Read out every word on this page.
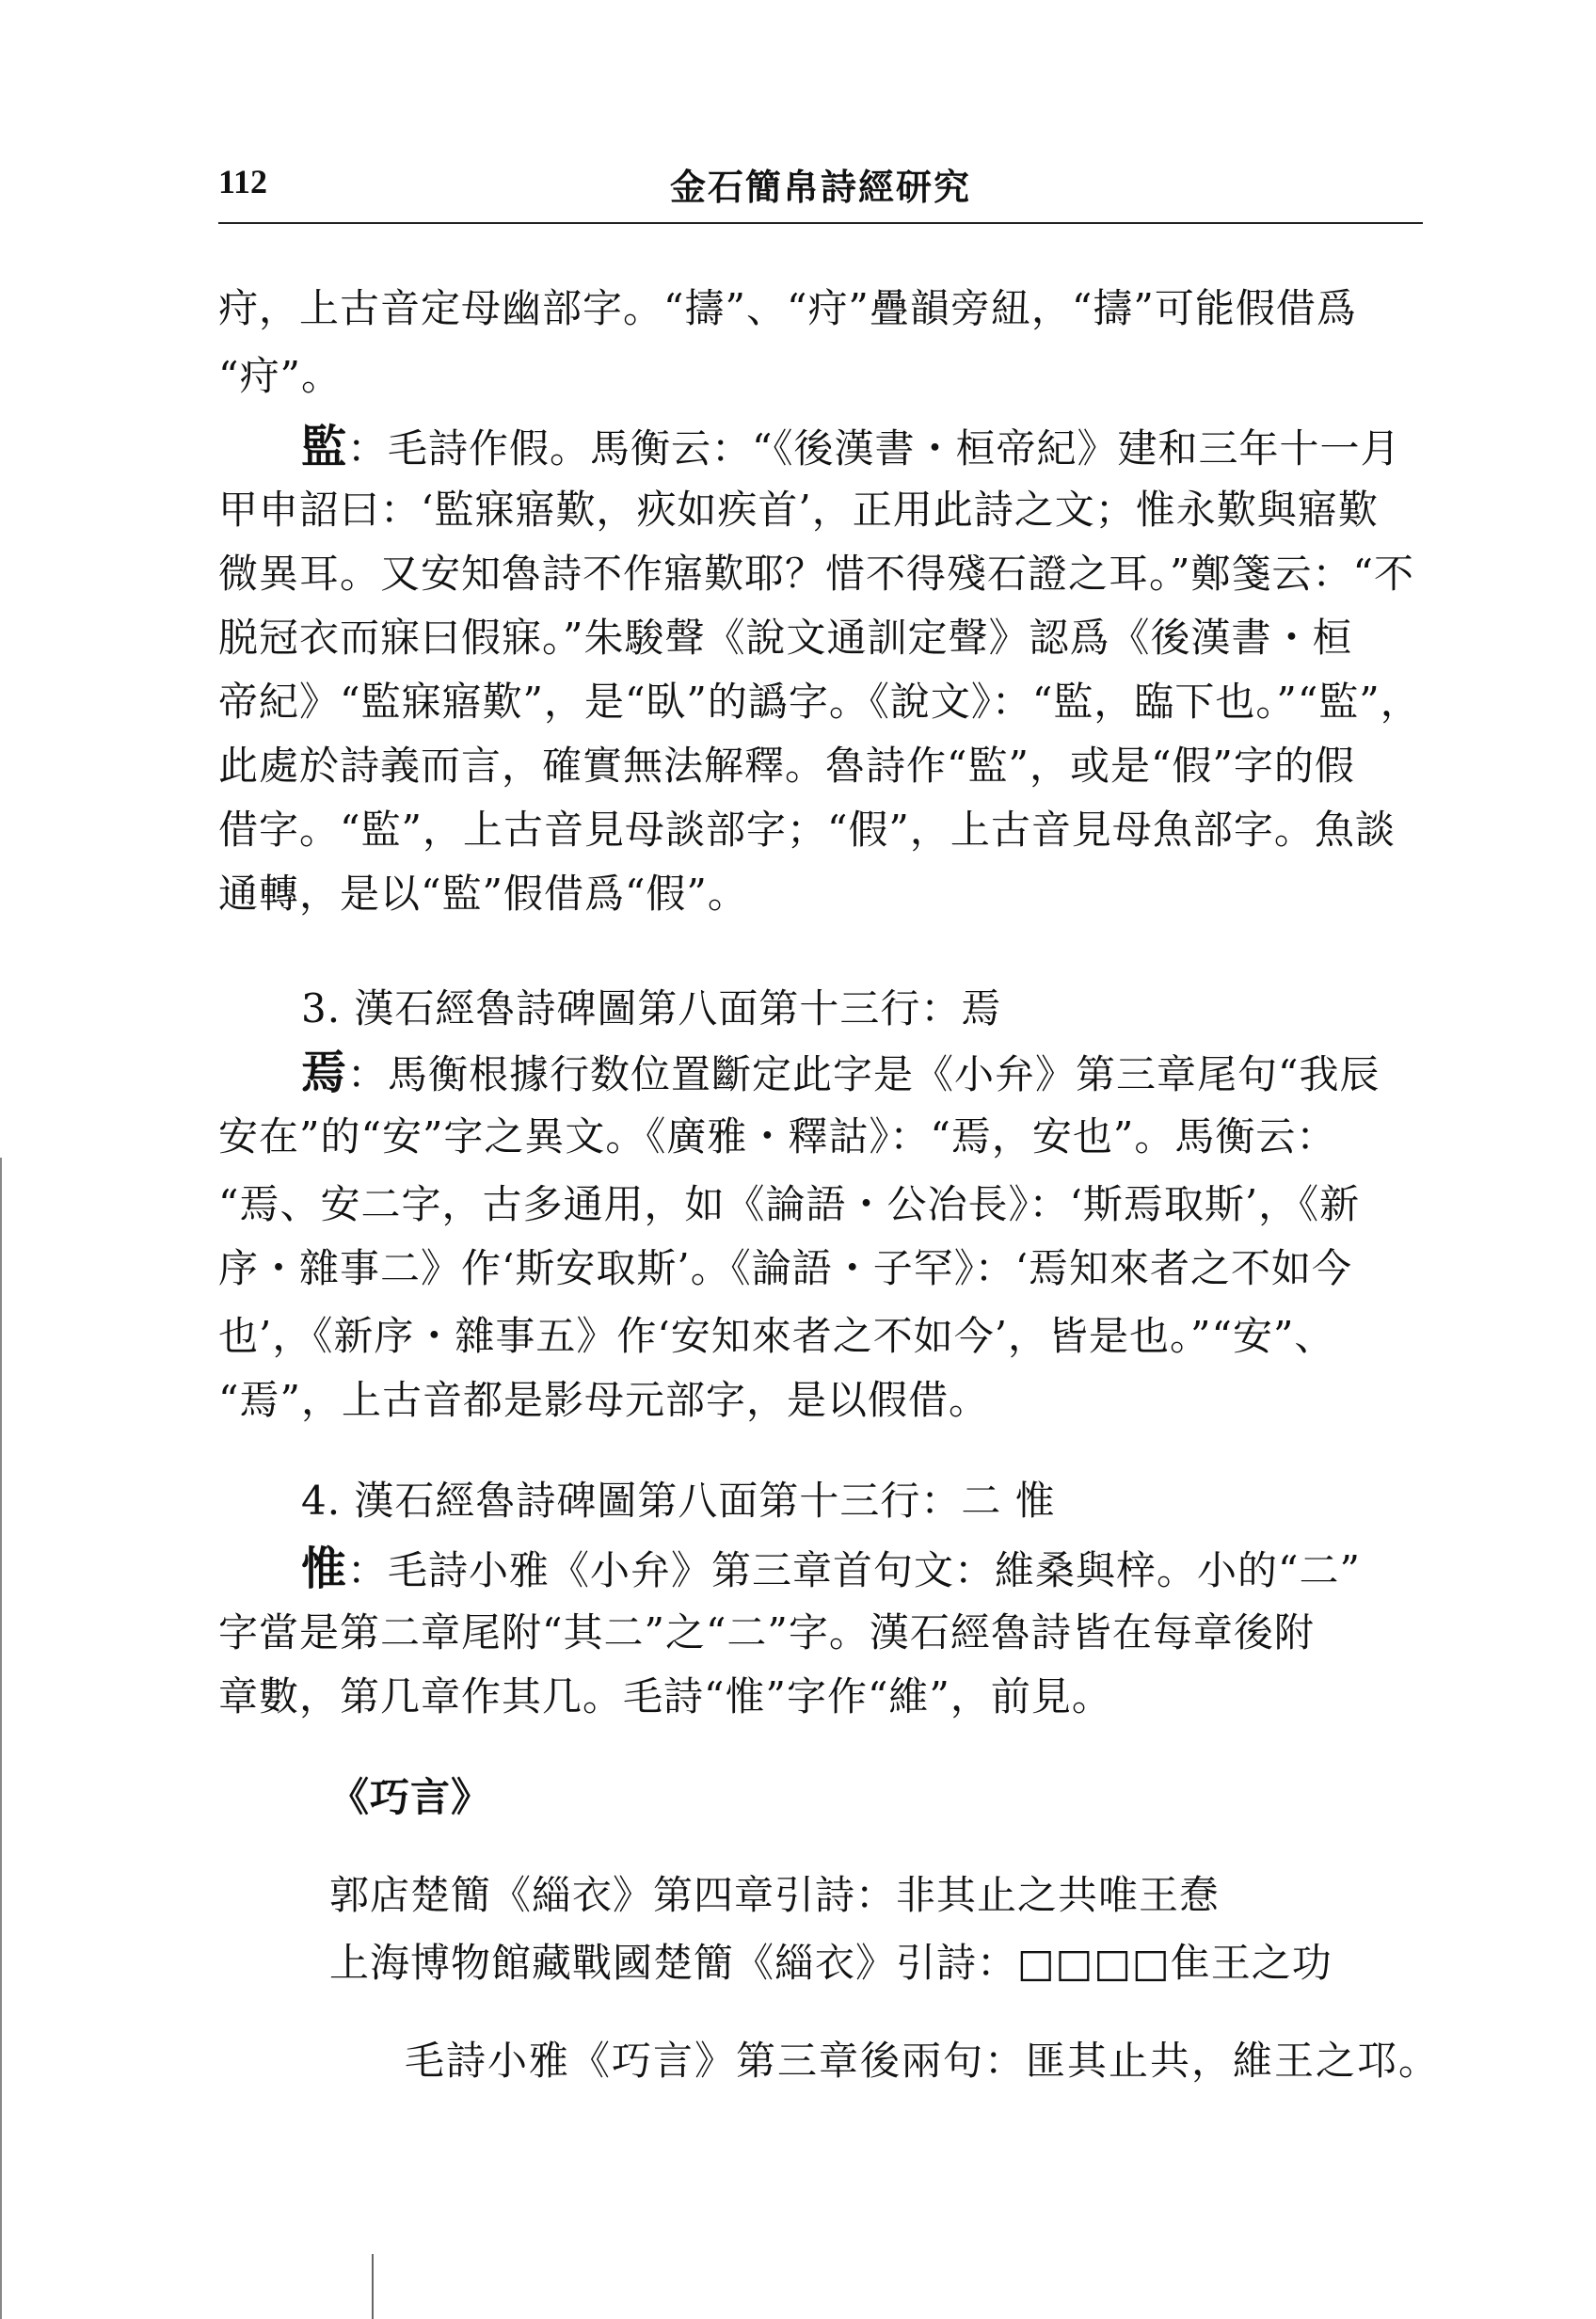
112	金石簡帛詩經研究
疛，上古音定母幽部字。“擣”、“疛”疊韻旁紐，“擣”可能假借爲
“疛”。
監：毛詩作假。馬衡云：“《後漢書・桓帝紀》建和三年十一月
甲申詔曰：‘監寐寤歎，疢如疾首’，正用此詩之文；惟永歎與寤歎
微異耳。又安知魯詩不作寤歎耶？惜不得殘石證之耳。”鄭箋云：“不
脱冠衣而寐曰假寐。”朱駿聲《說文通訓定聲》認爲《後漢書・桓
帝紀》“監寐寤歎”，是“臥”的譌字。《說文》：“監，臨下也。”“監”，
此處於詩義而言，確實無法解釋。魯詩作“監”，或是“假”字的假
借字。“監”，上古音見母談部字；“假”，上古音見母魚部字。魚談
通轉，是以“監”假借爲“假”。
3. 漢石經魯詩碑圖第八面第十三行：焉
焉：馬衡根據行数位置斷定此字是《小弁》第三章尾句“我辰
安在”的“安”字之異文。《廣雅・釋詁》：“焉，安也”。馬衡云：
“焉、安二字，古多通用，如《論語・公冶長》：‘斯焉取斯’，《新
序・雜事二》作‘斯安取斯’。《論語・子罕》：‘焉知來者之不如今
也’，《新序・雜事五》作‘安知來者之不如今’，皆是也。”“安”、
“焉”，上古音都是影母元部字，是以假借。
4. 漢石經魯詩碑圖第八面第十三行：二 惟
惟：毛詩小雅《小弁》第三章首句文：維桑與梓。小的“二”
字當是第二章尾附“其二”之“二”字。漢石經魯詩皆在每章後附
章數，第几章作其几。毛詩“惟”字作“維”，前見。
《巧言》
郭店楚簡《緇衣》第四章引詩：非其止之共唯王惷
上海博物館藏戰國楚簡《緇衣》引詩：□□□□隹王之功
毛詩小雅《巧言》第三章後兩句：匪其止共，維王之邛。
